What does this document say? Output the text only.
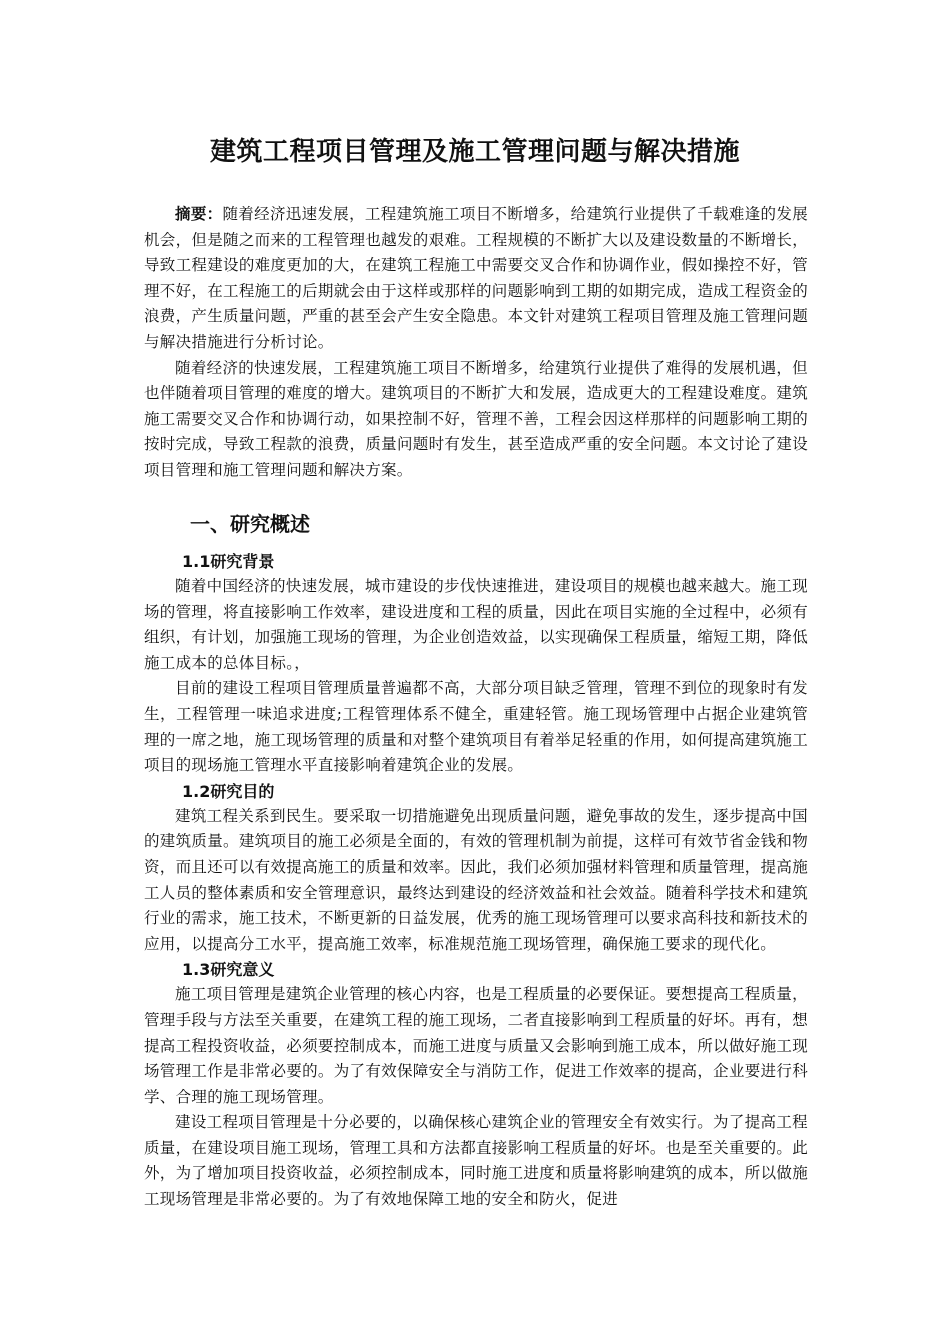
建筑工程项目管理及施工管理问题与解决措施

摘要：随着经济迅速发展，工程建筑施工项目不断增多，给建筑行业提供了千载难逢的发展机会，但是随之而来的工程管理也越发的艰难。工程规模的不断扩大以及建设数量的不断增长，导致工程建设的难度更加的大，在建筑工程施工中需要交叉合作和协调作业，假如操控不好，管理不好，在工程施工的后期就会由于这样或那样的问题影响到工期的如期完成，造成工程资金的浪费，产生质量问题，严重的甚至会产生安全隐患。本文针对建筑工程项目管理及施工管理问题与解决措施进行分析讨论。

随着经济的快速发展，工程建筑施工项目不断增多，给建筑行业提供了难得的发展机遇，但也伴随着项目管理的难度的增大。建筑项目的不断扩大和发展，造成更大的工程建设难度。建筑施工需要交叉合作和协调行动，如果控制不好，管理不善，工程会因这样那样的问题影响工期的按时完成，导致工程款的浪费，质量问题时有发生，甚至造成严重的安全问题。本文讨论了建设项目管理和施工管理问题和解决方案。

一、研究概述
1.1研究背景

随着中国经济的快速发展，城市建设的步伐快速推进，建设项目的规模也越来越大。施工现场的管理，将直接影响工作效率，建设进度和工程的质量，因此在项目实施的全过程中，必须有组织，有计划，加强施工现场的管理，为企业创造效益，以实现确保工程质量，缩短工期，降低施工成本的总体目标。，

目前的建设工程项目管理质量普遍都不高，大部分项目缺乏管理，管理不到位的现象时有发生，工程管理一味追求进度;工程管理体系不健全，重建轻管。施工现场管理中占据企业建筑管理的一席之地，施工现场管理的质量和对整个建筑项目有着举足轻重的作用，如何提高建筑施工项目的现场施工管理水平直接影响着建筑企业的发展。

1.2研究目的

建筑工程关系到民生。要采取一切措施避免出现质量问题，避免事故的发生，逐步提高中国的建筑质量。建筑项目的施工必须是全面的，有效的管理机制为前提，这样可有效节省金钱和物资，而且还可以有效提高施工的质量和效率。因此，我们必须加强材料管理和质量管理，提高施工人员的整体素质和安全管理意识，最终达到建设的经济效益和社会效益。随着科学技术和建筑行业的需求，施工技术，不断更新的日益发展，优秀的施工现场管理可以要求高科技和新技术的应用，以提高分工水平，提高施工效率，标准规范施工现场管理，确保施工要求的现代化。

1.3研究意义

施工项目管理是建筑企业管理的核心内容，也是工程质量的必要保证。要想提高工程质量，管理手段与方法至关重要，在建筑工程的施工现场，二者直接影响到工程质量的好坏。再有，想提高工程投资收益，必须要控制成本，而施工进度与质量又会影响到施工成本，所以做好施工现场管理工作是非常必要的。为了有效保障安全与消防工作，促进工作效率的提高，企业要进行科学、合理的施工现场管理。

建设工程项目管理是十分必要的，以确保核心建筑企业的管理安全有效实行。为了提高工程质量，在建设项目施工现场，管理工具和方法都直接影响工程质量的好坏。也是至关重要的。此外，为了增加项目投资收益，必须控制成本，同时施工进度和质量将影响建筑的成本，所以做施工现场管理是非常必要的。为了有效地保障工地的安全和防火，促进
